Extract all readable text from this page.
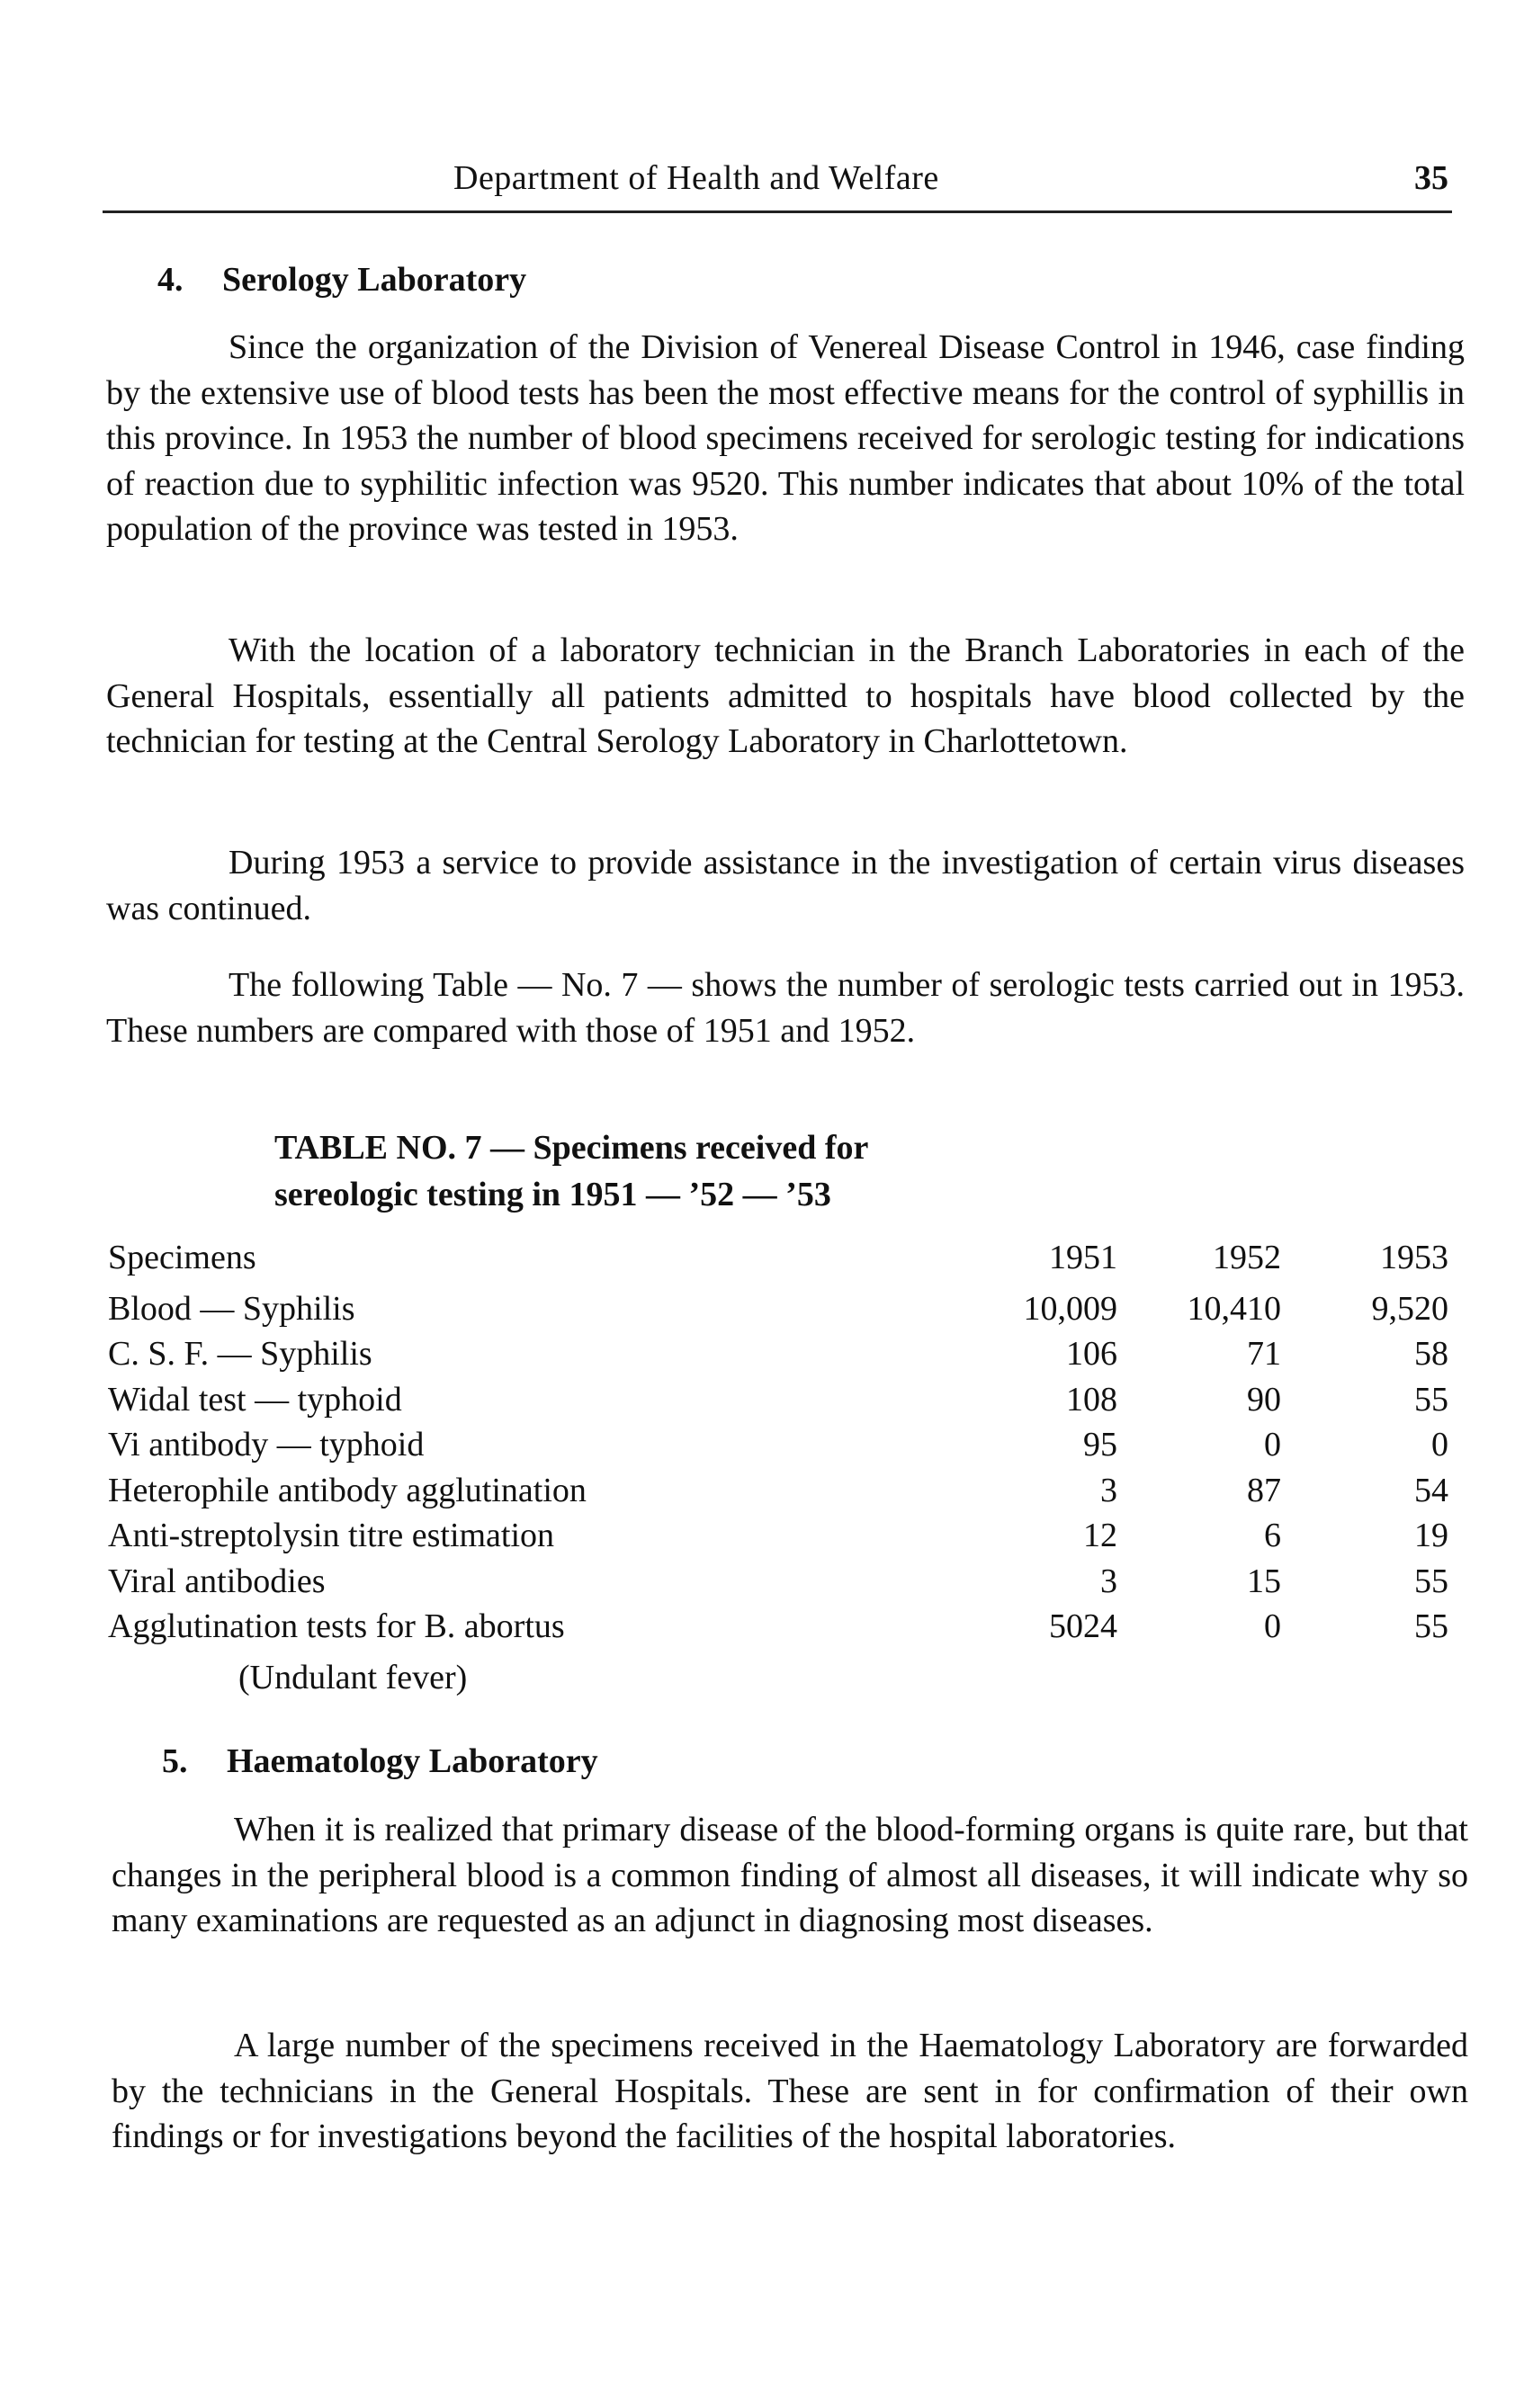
Department of Health and Welfare	35
4. Serology Laboratory

Since the organization of the Division of Venereal Disease Control in 1946, case finding by the extensive use of blood tests has been the most effective means for the control of syphillis in this province. In 1953 the number of blood specimens received for serologic testing for indications of reaction due to syphilitic infection was 9520. This number indicates that about 10% of the total population of the province was tested in 1953.

With the location of a laboratory technician in the Branch Laboratories in each of the General Hospitals, essentially all patients admitted to hospitals have blood collected by the technician for testing at the Central Serology Laboratory in Charlottetown.

During 1953 a service to provide assistance in the investigation of certain virus diseases was continued.

The following Table — No. 7 — shows the number of serologic tests carried out in 1953. These numbers are compared with those of 1951 and 1952.

TABLE NO. 7 — Specimens received for
sereologic testing in 1951 — ’52 — ’53
Specimens	1951	1952	1953
Blood — Syphilis	10,009	10,410	9,520
C. S. F. — Syphilis	106	71	58
Widal test — typhoid	108	90	55
Vi antibody — typhoid	95	0	0
Heterophile antibody agglutination	3	87	54
Anti-streptolysin titre estimation	12	6	19
Viral antibodies	3	15	55
Agglutination tests for B. abortus	5024	0	55
(Undulant fever)
5. Haematology Laboratory

When it is realized that primary disease of the blood-forming organs is quite rare, but that changes in the peripheral blood is a common finding of almost all diseases, it will indicate why so many examinations are requested as an adjunct in diagnosing most diseases.

A large number of the specimens received in the Haematology Laboratory are forwarded by the technicians in the General Hospitals. These are sent in for confirmation of their own findings or for investigations beyond the facilities of the hospital laboratories.
